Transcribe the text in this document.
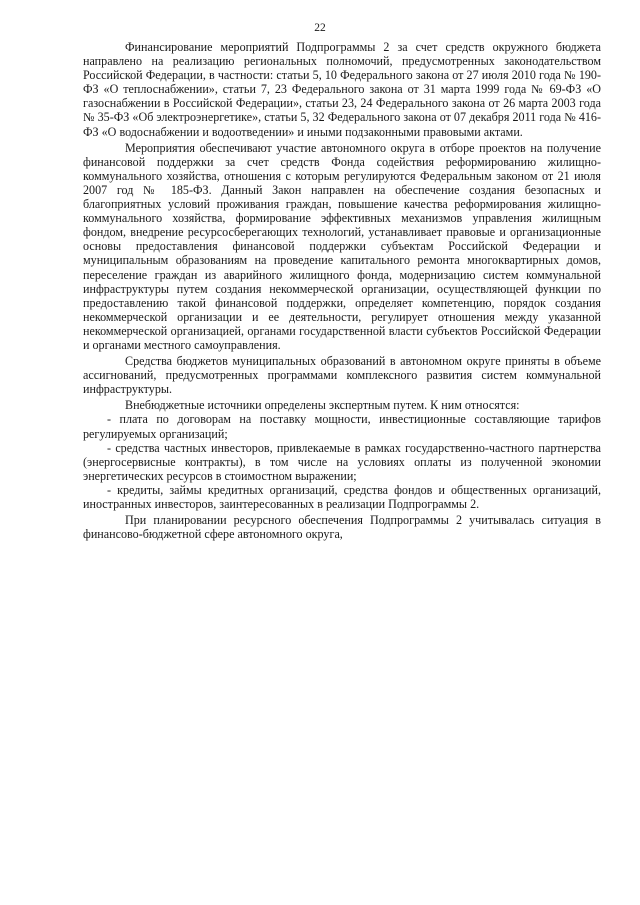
22

Финансирование мероприятий Подпрограммы 2 за счет средств окружного бюджета направлено на реализацию региональных полномочий, предусмотренных законодательством Российской Федерации, в частности: статьи 5, 10 Федерального закона от 27 июля 2010 года № 190-ФЗ «О теплоснабжении», статьи 7, 23 Федерального закона от 31 марта 1999 года № 69-ФЗ «О газоснабжении в Российской Федерации», статьи 23, 24 Федерального закона от 26 марта 2003 года № 35-ФЗ «Об электроэнергетике», статьи 5, 32 Федерального закона от 07 декабря 2011 года № 416-ФЗ «О водоснабжении и водоотведении» и иными подзаконными правовыми актами.

Мероприятия обеспечивают участие автономного округа в отборе проектов на получение финансовой поддержки за счет средств Фонда содействия реформированию жилищно-коммунального хозяйства, отношения с которым регулируются Федеральным законом от 21 июля 2007 год № 185-ФЗ. Данный Закон направлен на обеспечение создания безопасных и благоприятных условий проживания граждан, повышение качества реформирования жилищно-коммунального хозяйства, формирование эффективных механизмов управления жилищным фондом, внедрение ресурсосберегающих технологий, устанавливает правовые и организационные основы предоставления финансовой поддержки субъектам Российской Федерации и муниципальным образованиям на проведение капитального ремонта многоквартирных домов, переселение граждан из аварийного жилищного фонда, модернизацию систем коммунальной инфраструктуры путем создания некоммерческой организации, осуществляющей функции по предоставлению такой финансовой поддержки, определяет компетенцию, порядок создания некоммерческой организации и ее деятельности, регулирует отношения между указанной некоммерческой организацией, органами государственной власти субъектов Российской Федерации и органами местного самоуправления.

Средства бюджетов муниципальных образований в автономном округе приняты в объеме ассигнований, предусмотренных программами комплексного развития систем коммунальной инфраструктуры.

Внебюджетные источники определены экспертным путем. К ним относятся:

- плата по договорам на поставку мощности, инвестиционные составляющие тарифов регулируемых организаций;

- средства частных инвесторов, привлекаемые в рамках государственно-частного партнерства (энергосервисные контракты), в том числе на условиях оплаты из полученной экономии энергетических ресурсов в стоимостном выражении;

- кредиты, займы кредитных организаций, средства фондов и общественных организаций, иностранных инвесторов, заинтересованных в реализации Подпрограммы 2.

При планировании ресурсного обеспечения Подпрограммы 2 учитывалась ситуация в финансово-бюджетной сфере автономного округа,
